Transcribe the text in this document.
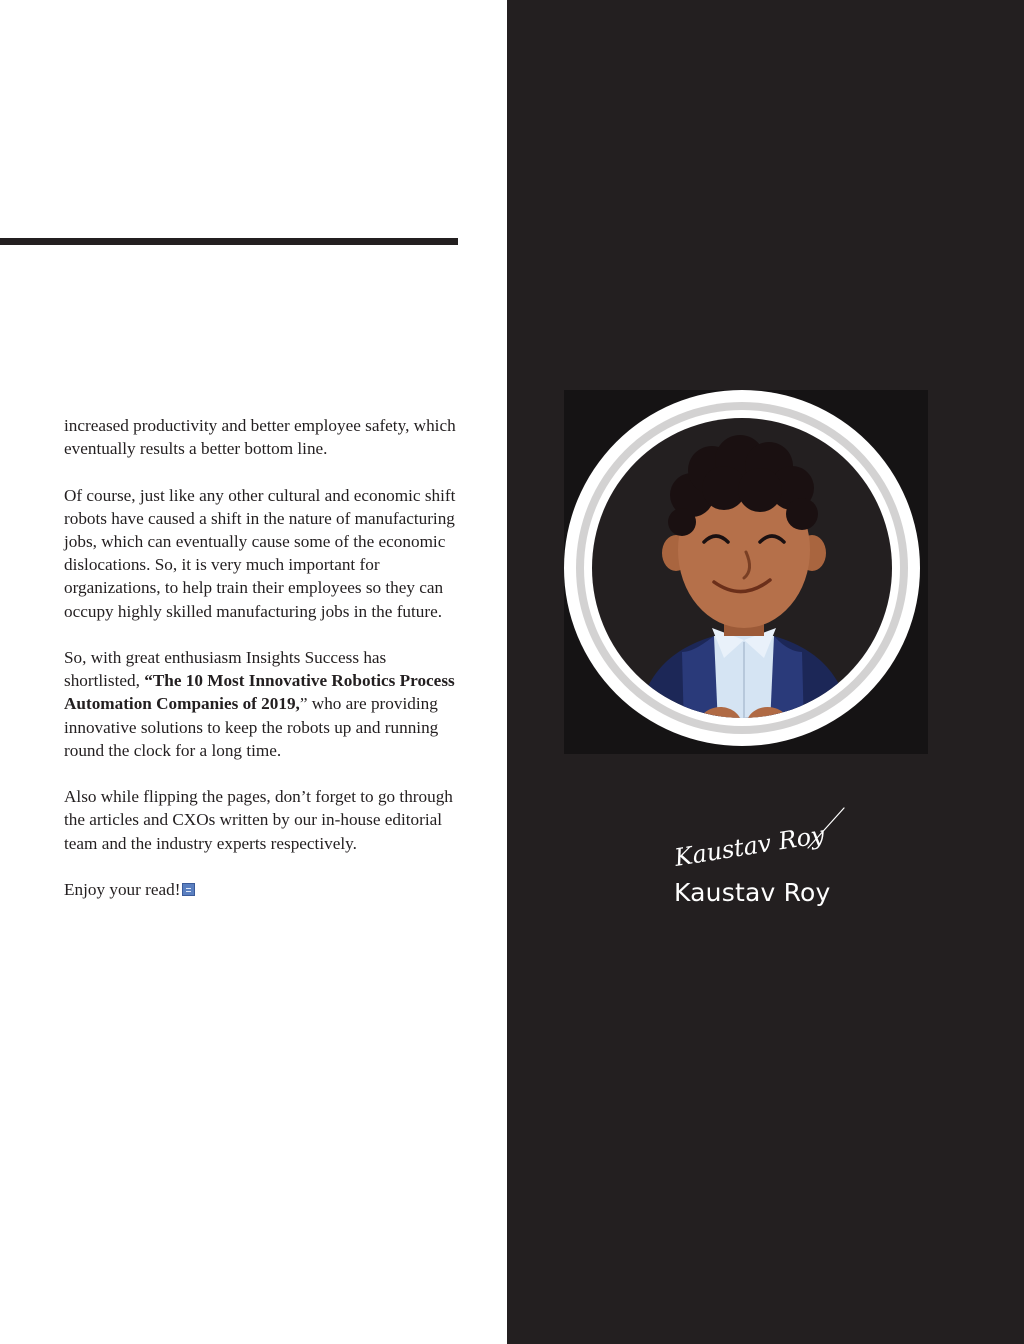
increased productivity and better employee safety, which eventually results a better bottom line.

Of course, just like any other cultural and economic shift robots have caused a shift in the nature of manufacturing jobs, which can eventually cause some of the economic dislocations. So, it is very much important for organizations, to help train their employees so they can occupy highly skilled manufacturing jobs in the future.

So, with great enthusiasm Insights Success has shortlisted, “The 10 Most Innovative Robotics Process Automation Companies of 2019,” who are providing innovative solutions to keep the robots up and running round the clock for a long time.

Also while flipping the pages, don’t forget to go through the articles and CXOs written by our in-house editorial team and the industry experts respectively.

Enjoy your read!

Kaustav Roy
Kaustav Roy
